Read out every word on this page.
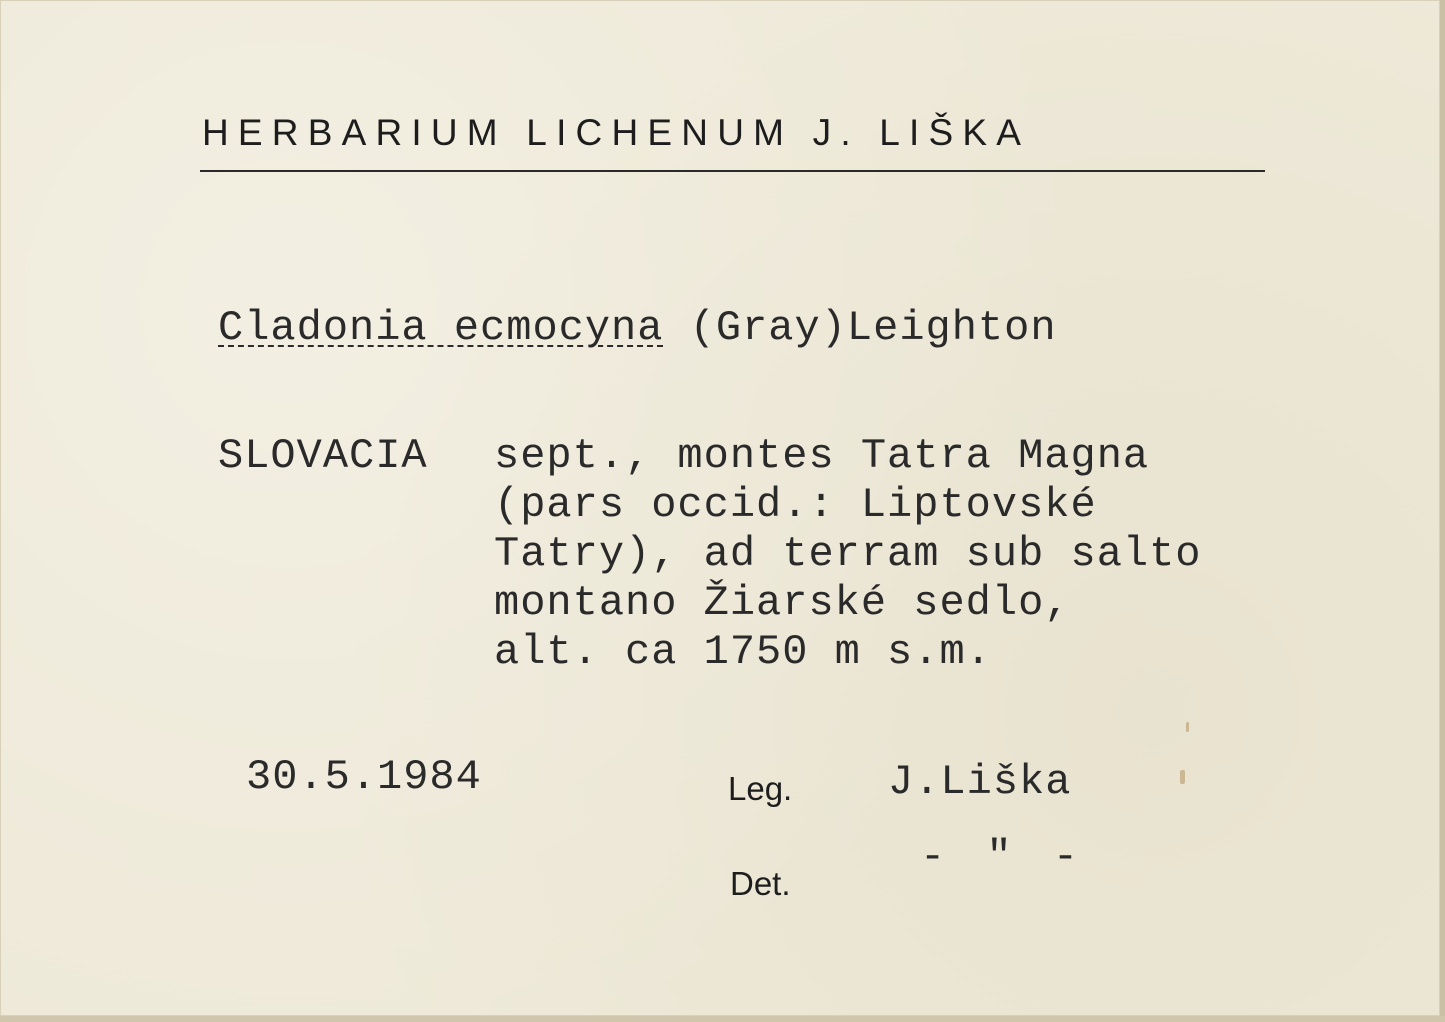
HERBARIUM LICHENUM J. LIŠKA
Cladonia ecmocyna (Gray)Leighton
SLOVACIA sept., montes Tatra Magna
(pars occid.: Liptovské
Tatry), ad terram sub salto
montano Žiarské sedlo,
alt. ca 1750 m s.m.
30.5.1984	Leg. J.Liška
- " -
Det.
